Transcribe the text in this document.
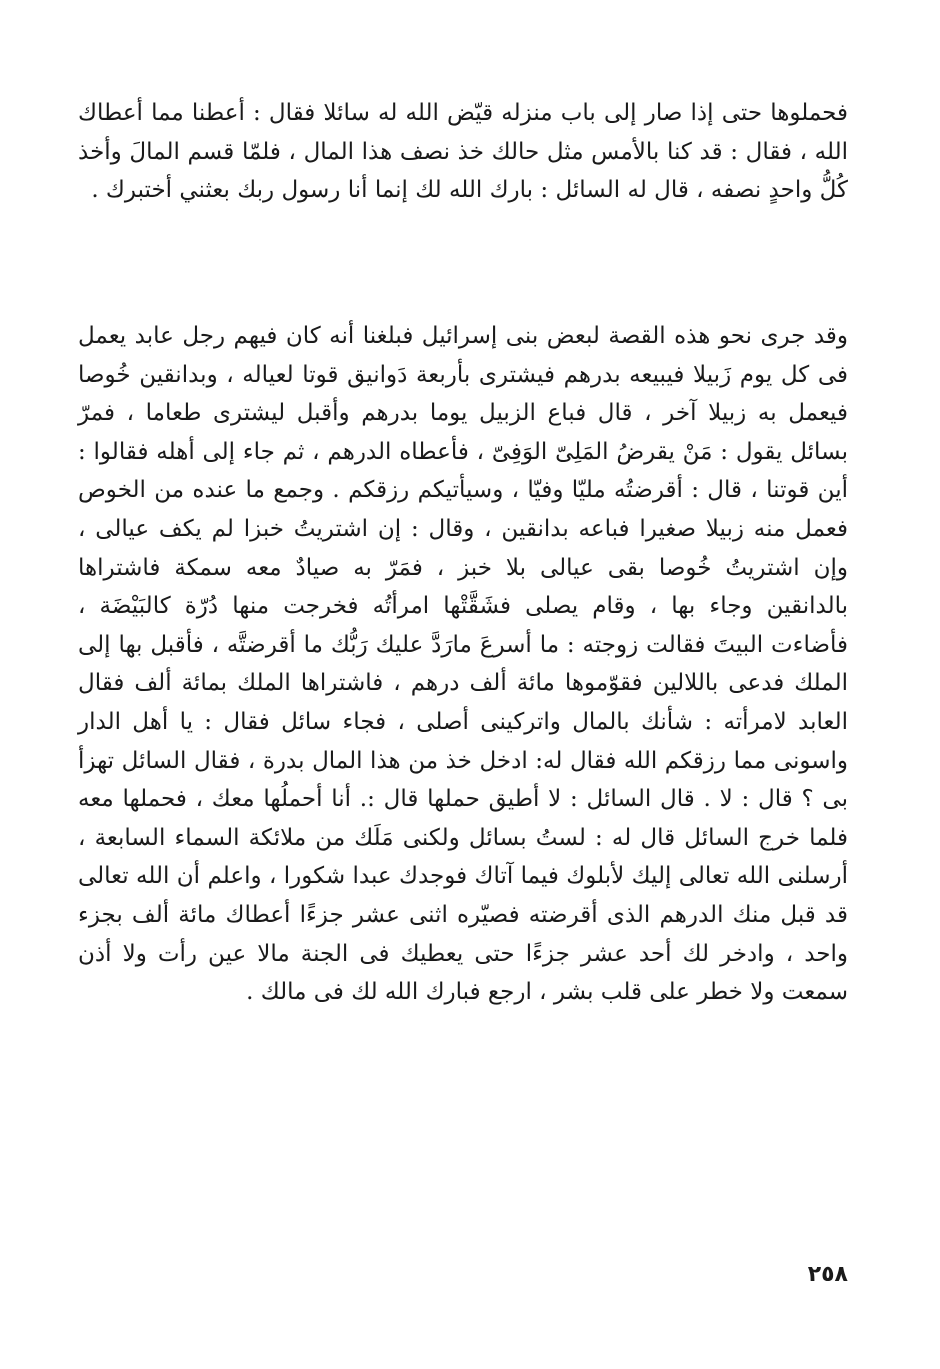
فحملوها حتى إذا صار إلى باب منزله قيّض الله له سائلا فقال : أعطنا مما أعطاك الله ، فقال : قد كنا بالأمس مثل حالك خذ نصف هذا المال ، فلمّا قسم المالَ وأخذ كُلُّ واحدٍ نصفه ، قال له السائل : بارك الله لك إنما أنا رسول ربك بعثني أختبرك .

وقد جرى نحو هذه القصة لبعض بنى إسرائيل فبلغنا أنه كان فيهم رجل عابد يعمل فى كل يوم زَبيلا فيبيعه بدرهم فيشترى بأربعة دَوانيق قوتا لعياله ، وبدانقين خُوصا فيعمل به زبيلا آخر ، قال فباع الزبيل يوما بدرهم وأقبل ليشترى طعاما ، فمرّ بسائل يقول : مَنْ يقرضُ المَلِىّ الوَفِىّ ، فأعطاه الدرهم ، ثم جاء إلى أهله فقالوا : أين قوتنا ، قال : أقرضتُه مليّا وفيّا ، وسيأتيكم رزقكم . وجمع ما عنده من الخوص فعمل منه زبيلا صغيرا فباعه بدانقين ، وقال : إن اشتريتُ خبزا لم يكف عيالى ، وإن اشتريتُ خُوصا بقى عيالى بلا خبز ، فمَرّ به صيادٌ معه سمكة فاشتراها بالدانقين وجاء بها ، وقام يصلى فشَقَّتْها امرأتُه فخرجت منها دُرّة كالبَيْضَة ، فأضاءت البيتَ فقالت زوجته : ما أسرعَ مارَدَّ عليك رَبُّك ما أقرضتَّه ، فأقبل بها إلى الملك فدعى باللالين فقوّموها مائة ألف درهم ، فاشتراها الملك بمائة ألف فقال العابد لامرأته : شأنك بالمال واتركينى أصلى ، فجاء سائل فقال : يا أهل الدار واسونى مما رزقكم الله فقال له: ادخل خذ من هذا المال بدرة ، فقال السائل تهزأ بى ؟ قال : لا . قال السائل : لا أطيق حملها قال :. أنا أحملُها معك ، فحملها معه فلما خرج السائل قال له : لستُ بسائل ولكنى مَلَك من ملائكة السماء السابعة ، أرسلنى الله تعالى إليك لأبلوك فيما آتاك فوجدك عبدا شكورا ، واعلم أن الله تعالى قد قبل منك الدرهم الذى أقرضته فصيّره اثنى عشر جزءًا أعطاك مائة ألف بجزء واحد ، وادخر لك أحد عشر جزءًا حتى يعطيك فى الجنة مالا عين رأت ولا أذن سمعت ولا خطر على قلب بشر ، ارجع فبارك الله لك فى مالك .

٢٥٨
